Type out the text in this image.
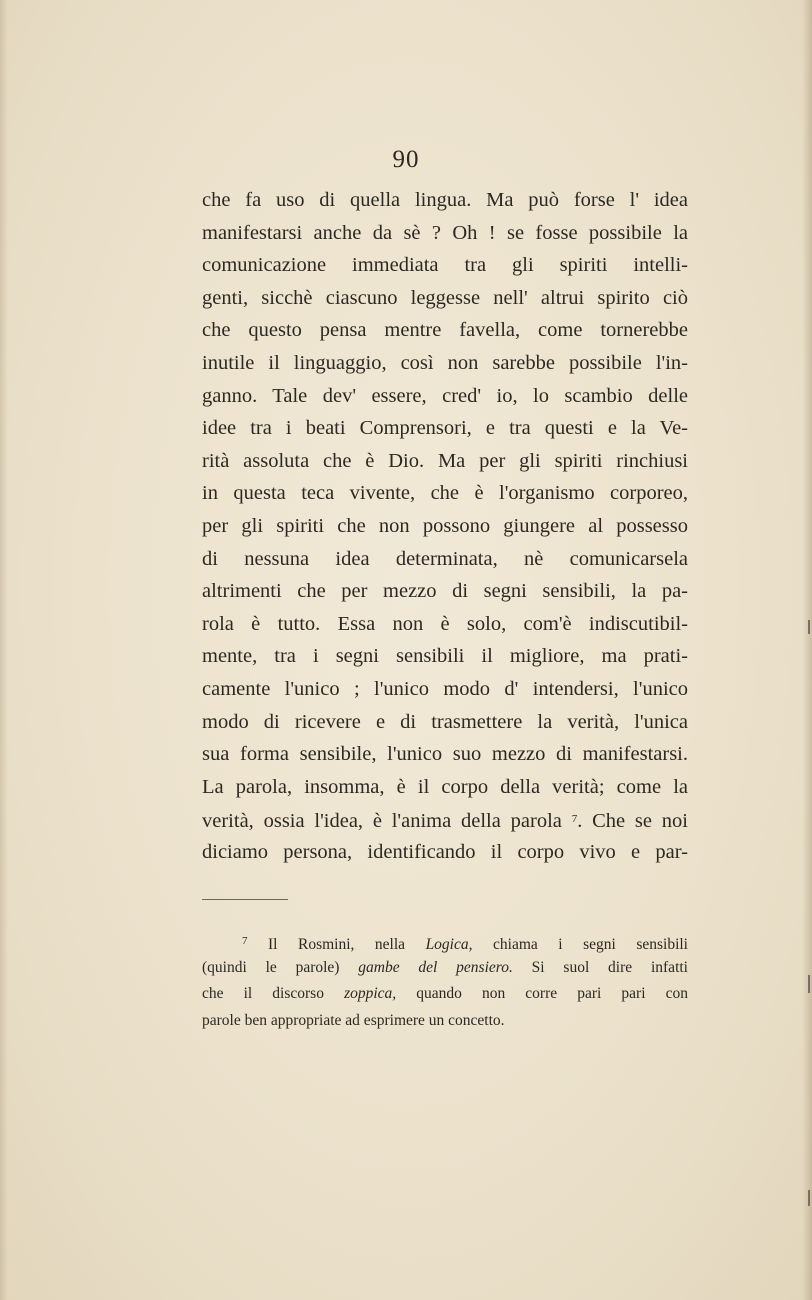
90
che fa uso di quella lingua. Ma può forse l' idea
manifestarsi anche da sè ? Oh ! se fosse possibile la
comunicazione immediata tra gli spiriti intelli-
genti, sicchè ciascuno leggesse nell' altrui spirito ciò
che questo pensa mentre favella, come tornerebbe
inutile il linguaggio, così non sarebbe possibile l'in-
ganno. Tale dev' essere, cred' io, lo scambio delle
idee tra i beati Comprensori, e tra questi e la Ve-
rità assoluta che è Dio. Ma per gli spiriti rinchiusi
in questa teca vivente, che è l'organismo corporeo,
per gli spiriti che non possono giungere al possesso
di nessuna idea determinata, nè comunicarsela
altrimenti che per mezzo di segni sensibili, la pa-
rola è tutto. Essa non è solo, com'è indiscutibil-
mente, tra i segni sensibili il migliore, ma prati-
camente l'unico ; l'unico modo d' intendersi, l'unico
modo di ricevere e di trasmettere la verità, l'unica
sua forma sensibile, l'unico suo mezzo di manifestarsi.
La parola, insomma, è il corpo della verità; come la
verità, ossia l'idea, è l'anima della parola $^7$. Che se noi
diciamo persona, identificando il corpo vivo e par-
$^7$ Il Rosmini, nella Logica, chiama i segni sensibili
(quindi le parole) gambe del pensiero. Si suol dire infatti
che il discorso zoppica, quando non corre pari pari con
parole ben appropriate ad esprimere un concetto.
